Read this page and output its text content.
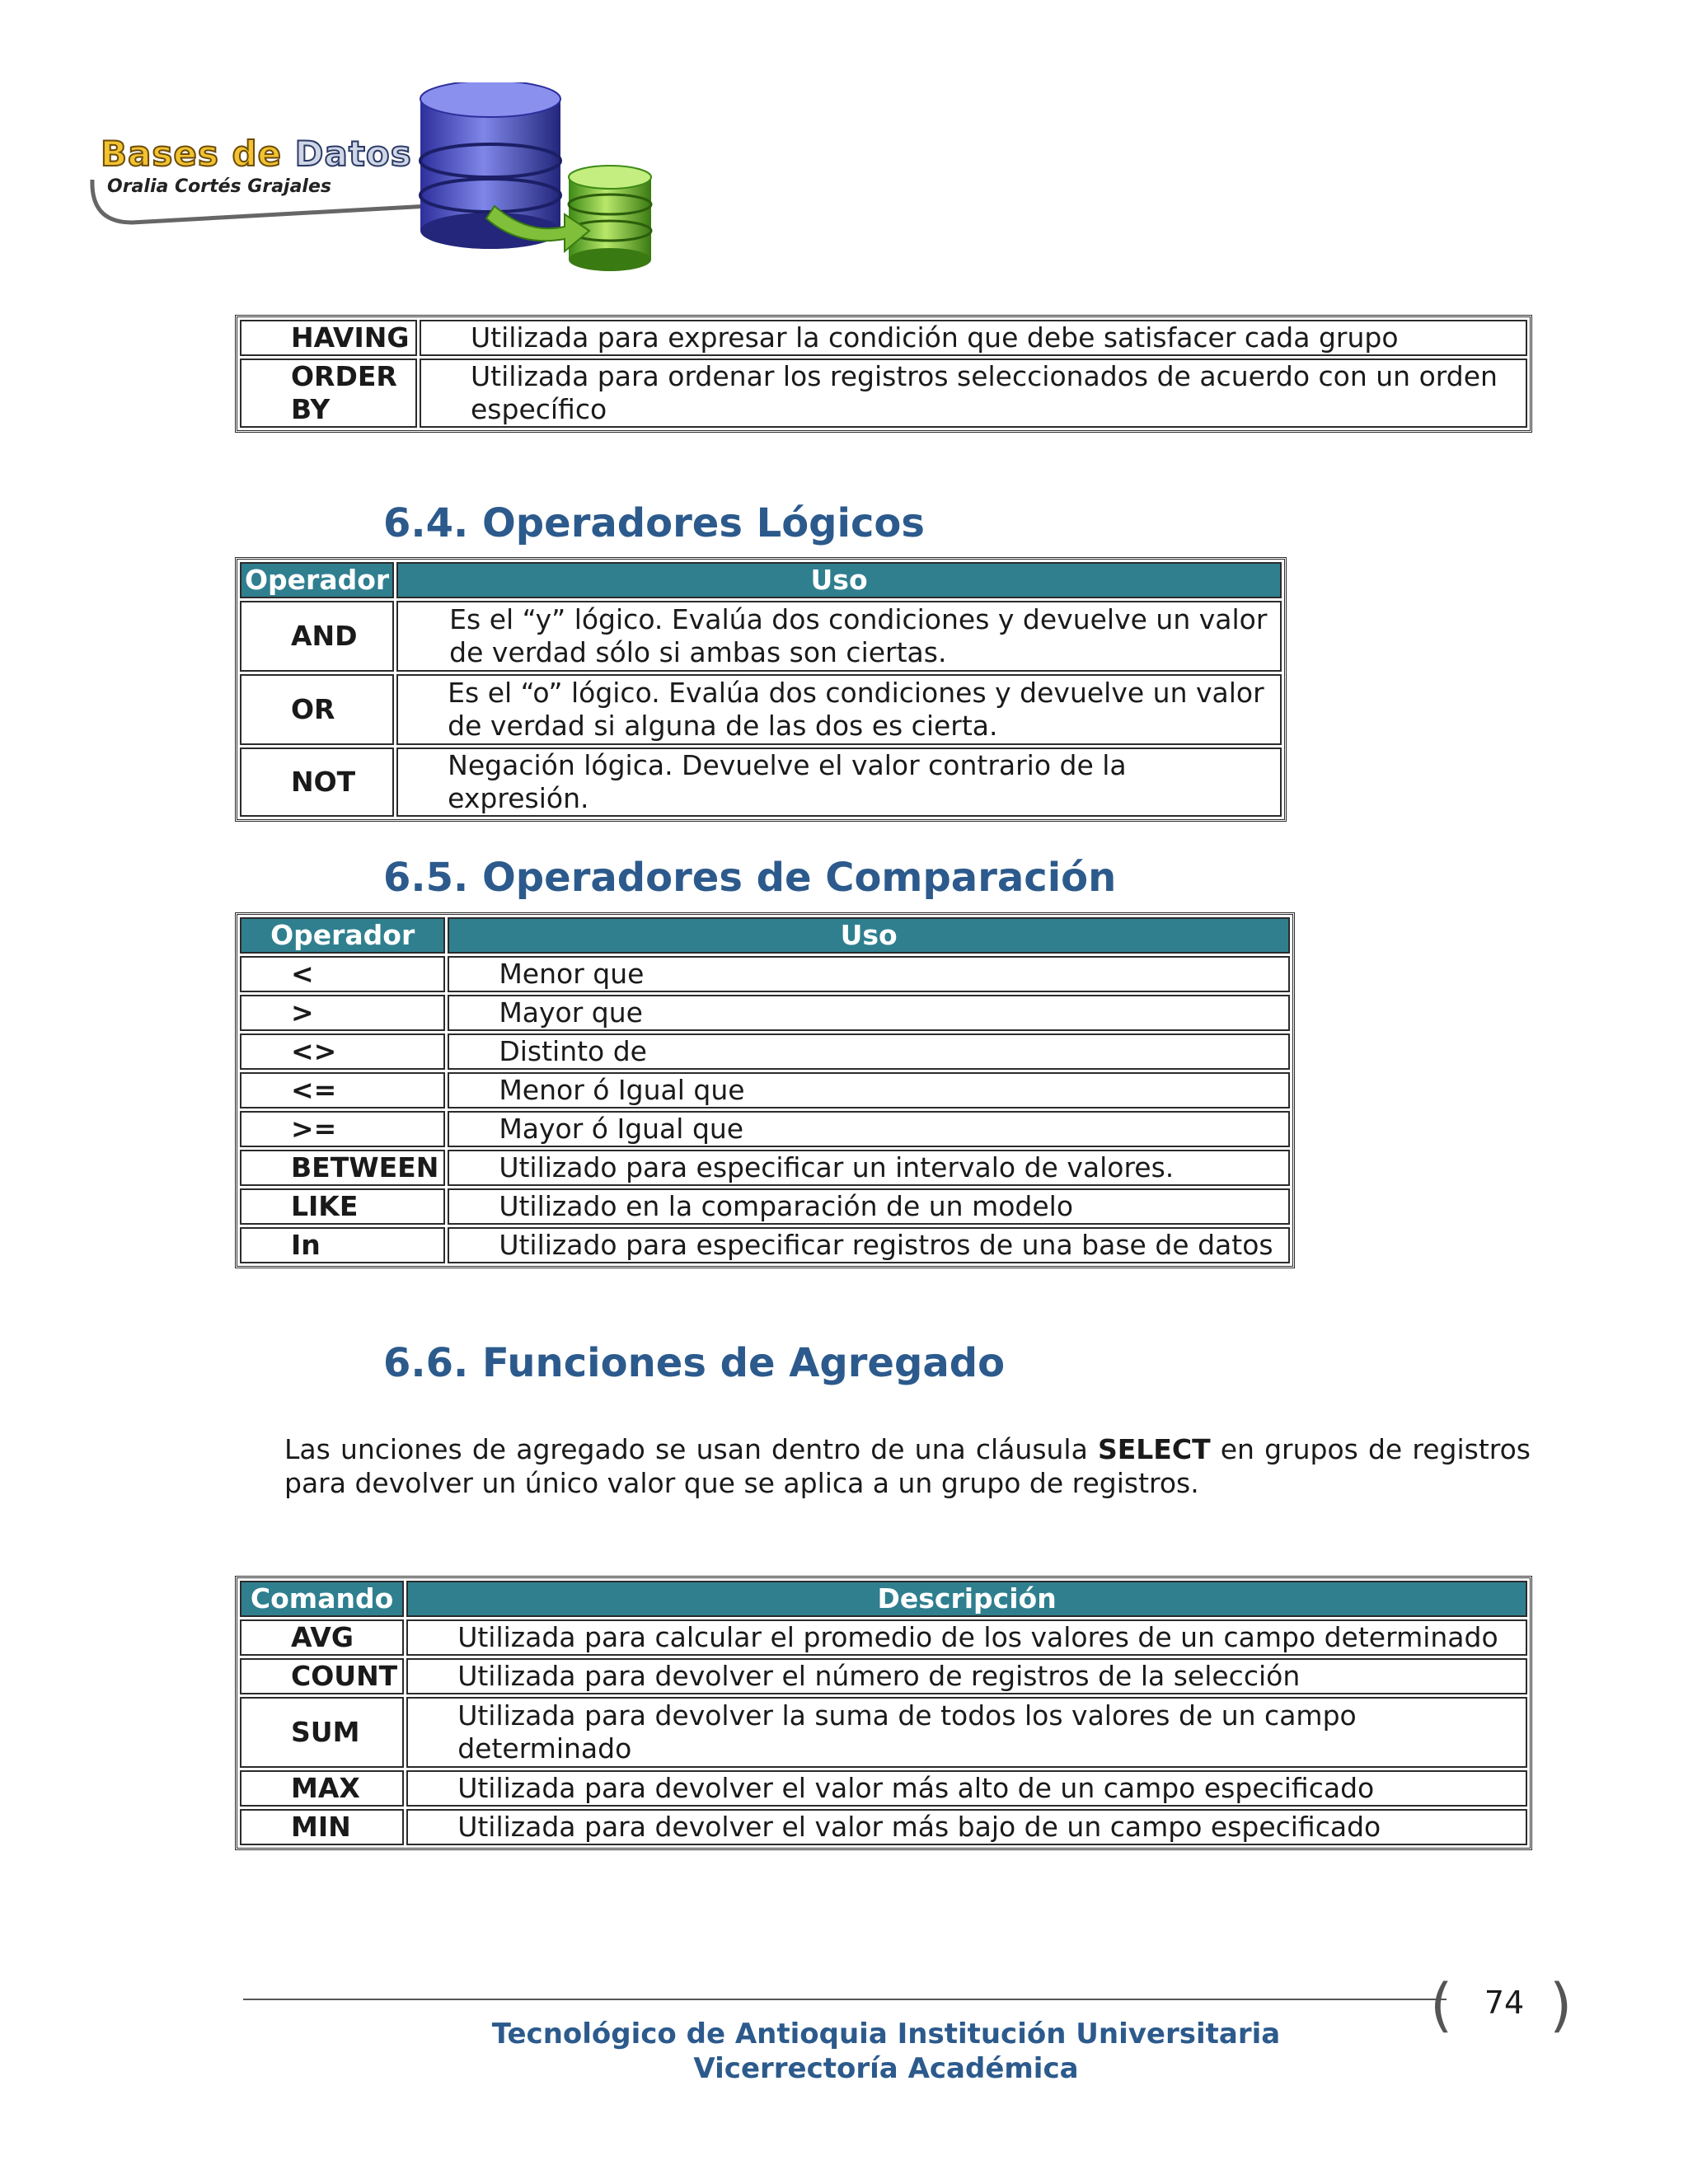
Bases de Datos
Oralia Cortés Grajales
HAVING	Utilizada para expresar la condición que debe satisfacer cada grupo
ORDER BY	Utilizada para ordenar los registros seleccionados de acuerdo con un orden específico
6.4. Operadores Lógicos
Operador	Uso
AND	Es el “y” lógico. Evalúa dos condiciones y devuelve un valor de verdad sólo si ambas son ciertas.
OR	Es el “o” lógico. Evalúa dos condiciones y devuelve un valor de verdad si alguna de las dos es cierta.
NOT	Negación lógica. Devuelve el valor contrario de la expresión.
6.5. Operadores de Comparación
Operador	Uso
<	Menor que
>	Mayor que
<>	Distinto de
<=	Menor ó Igual que
>=	Mayor ó Igual que
BETWEEN	Utilizado para especificar un intervalo de valores.
LIKE	Utilizado en la comparación de un modelo
In	Utilizado para especificar registros de una base de datos
6.6. Funciones de Agregado

Las unciones de agregado se usan dentro de una cláusula SELECT en grupos de registros para devolver un único valor que se aplica a un grupo de registros.

Comando	Descripción
AVG	Utilizada para calcular el promedio de los valores de un campo determinado
COUNT	Utilizada para devolver el número de registros de la selección
SUM	Utilizada para devolver la suma de todos los valores de un campo determinado
MAX	Utilizada para devolver el valor más alto de un campo especificado
MIN	Utilizada para devolver el valor más bajo de un campo especificado
(	74 )
Tecnológico de Antioquia Institución Universitaria
Vicerrectoría Académica
